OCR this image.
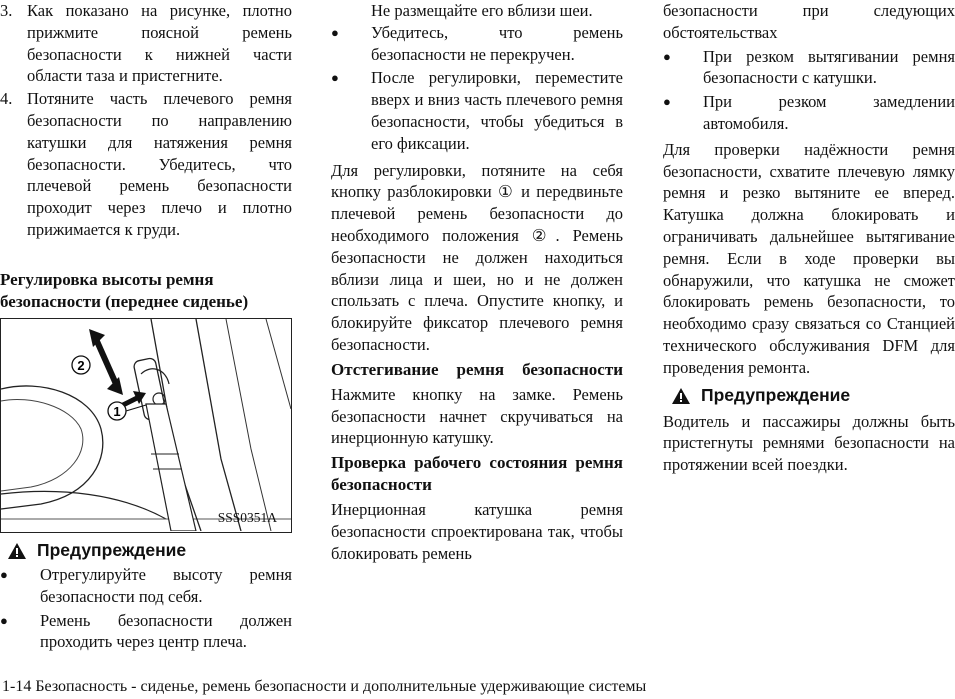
3. Как показано на рисунке, плотно прижмите поясной ремень безопасности к нижней части области таза и пристегните.
4. Потяните часть плечевого ремня безопасности по направлению катушки для натяжения ремня безопасности. Убедитесь, что плечевой ремень безопасности проходит через плечо и плотно прижимается к груди.
Регулировка высоты ремня безопасности (переднее сиденье)
2
1
SSS0351A
Предупреждение
●	Отрегулируйте высоту ремня безопасности под себя.
●	Ремень безопасности должен проходить через центр плеча.

Не размещайте его вблизи шеи.

●	Убедитесь, что ремень безопасности не перекручен.
●	После регулировки, переместите вверх и вниз часть плечевого ремня безопасности, чтобы убедиться в его фиксации.

Для регулировки, потяните на себя кнопку разблокировки ① и передвиньте плечевой ремень безопасности до необходимого положения ②. Ремень безопасности не должен находиться вблизи лица и шеи, но и не должен спользать с плеча. Опустите кнопку, и блокируйте фиксатор плечевого ремня безопасности.

Отстегивание ремня безопасности

Нажмите кнопку на замке. Ремень безопасности начнет скручиваться на инерционную катушку.

Проверка рабочего состояния ремня безопасности

Инерционная катушка ремня безопасности спроектирована так, чтобы блокировать ремень

безопасности при следующих обстоятельствах

●	При резком вытягивании ремня безопасности с катушки.
●	При резком замедлении автомобиля.

Для проверки надёжности ремня безопасности, схватите плечевую лямку ремня и резко вытяните ее вперед. Катушка должна блокировать и ограничивать дальнейшее вытягивание ремня. Если в ходе проверки вы обнаружили, что катушка не сможет блокировать ремень безопасности, то необходимо сразу связаться со Станцией технического обслуживания DFM для проведения ремонта.

Предупреждение

Водитель и пассажиры должны быть пристегнуты ремнями безопасности на протяжении всей поездки.

1-14 Безопасность - сиденье, ремень безопасности и дополнительные удерживающие системы
